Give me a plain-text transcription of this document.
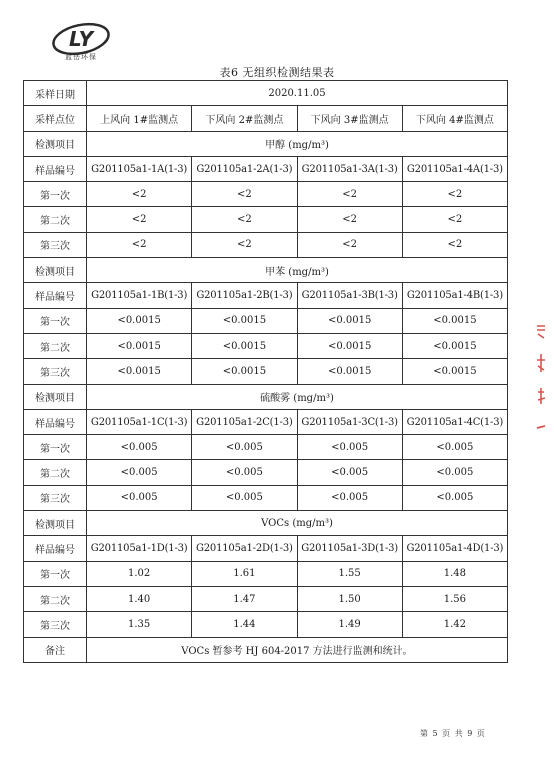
LY
蓝岳环保
表6 无组织检测结果表
采样日期	2020.11.05			
采样点位	上风向 1#监测点	下风向 2#监测点	下风向 3#监测点	下风向 4#监测点
检测项目	甲醇 (mg/m³)			
样品编号	G201105a1-1A(1-3)	G201105a1-2A(1-3)	G201105a1-3A(1-3)	G201105a1-4A(1-3)
第一次	<2	<2	<2	<2
第二次	<2	<2	<2	<2
第三次	<2	<2	<2	<2
检测项目	甲苯 (mg/m³)			
样品编号	G201105a1-1B(1-3)	G201105a1-2B(1-3)	G201105a1-3B(1-3)	G201105a1-4B(1-3)
第一次	<0.0015	<0.0015	<0.0015	<0.0015
第二次	<0.0015	<0.0015	<0.0015	<0.0015
第三次	<0.0015	<0.0015	<0.0015	<0.0015
检测项目	硫酸雾 (mg/m³)			
样品编号	G201105a1-1C(1-3)	G201105a1-2C(1-3)	G201105a1-3C(1-3)	G201105a1-4C(1-3)
第一次	<0.005	<0.005	<0.005	<0.005
第二次	<0.005	<0.005	<0.005	<0.005
第三次	<0.005	<0.005	<0.005	<0.005
检测项目	VOCs (mg/m³)			
样品编号	G201105a1-1D(1-3)	G201105a1-2D(1-3)	G201105a1-3D(1-3)	G201105a1-4D(1-3)
第一次	1.02	1.61	1.55	1.48
第二次	1.40	1.47	1.50	1.56
第三次	1.35	1.44	1.49	1.42
备注	VOCs 暂参考 HJ 604-2017 方法进行监测和统计。			
第 5 页 共 9 页
